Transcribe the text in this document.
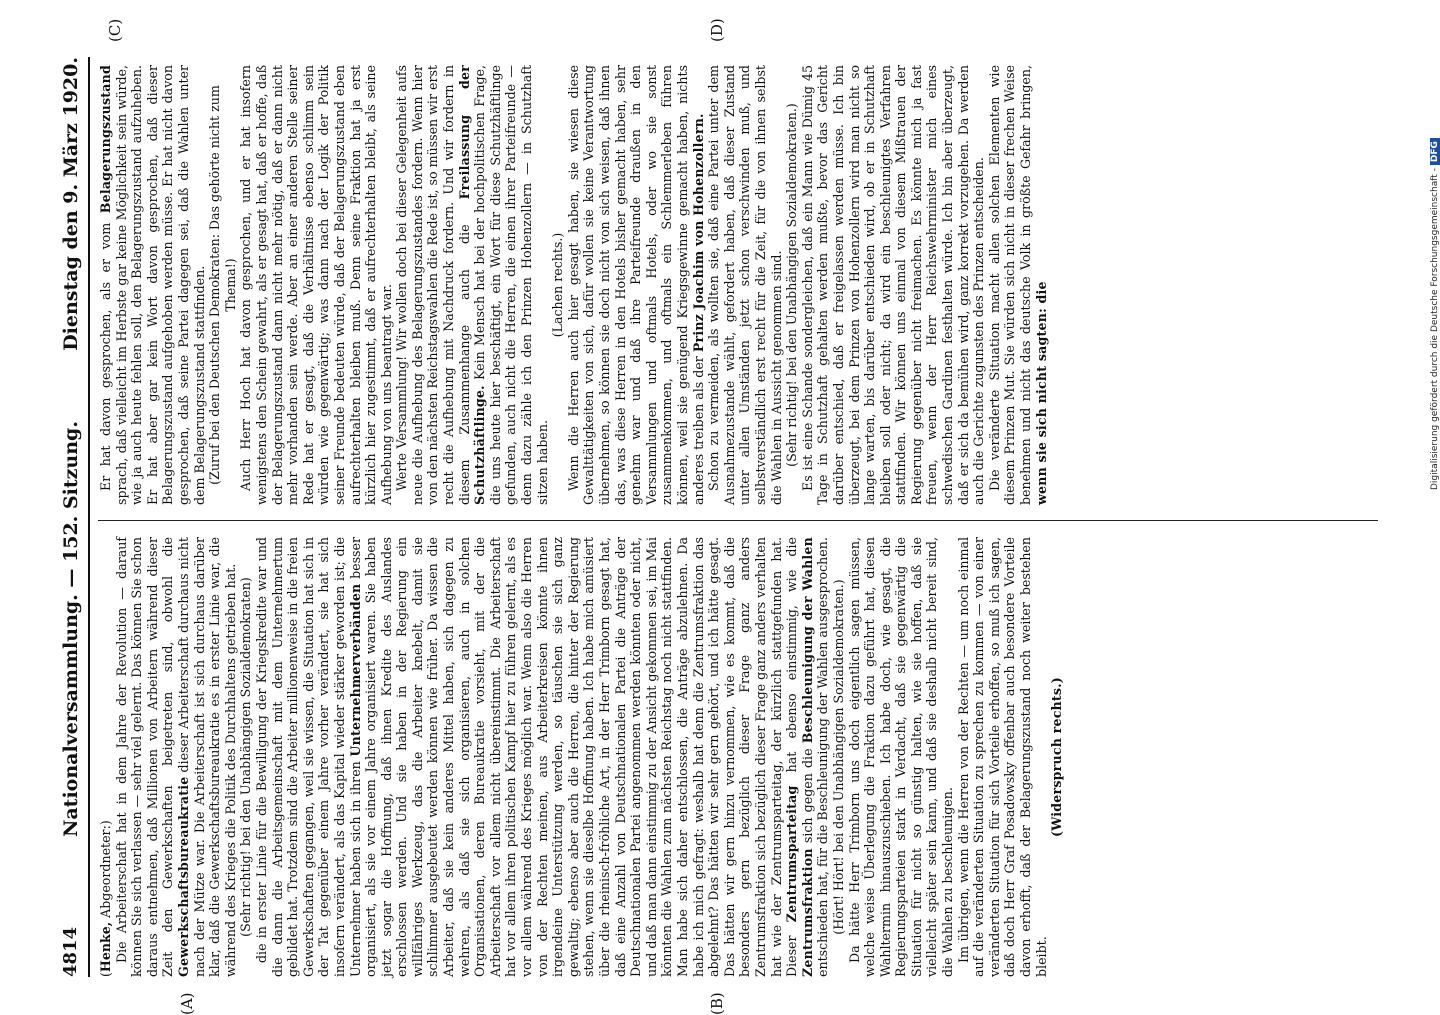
4814
Nationalversammlung. — 152. Sitzung.
Dienstag den 9. März 1920.
(A)	(B)
(C)	(D)

(Henke, Abgeordneter:) Die Arbeiterschaft hat in dem Jahre der Revolution — darauf können Sie sich verlassen — sehr viel gelernt. Das können Sie schon daraus entnehmen, daß Millionen von Arbeitern während dieser Zeit den Gewerkschaften beigetreten sind, obwohl die Gewerkschaftsbureaukratie dieser Arbeiterschaft durchaus nicht nach der Mütze war. Die Arbeiterschaft ist sich durchaus darüber klar, daß die Gewerkschaftsbureaukratie es in erster Linie war, die während des Krieges die Politik des Durchhaltens getrieben hat. (Sehr richtig! bei den Unabhängigen Sozialdemokraten) die in erster Linie für die Bewilligung der Kriegskredite war und die dann die Arbeitsgemeinschaft mit dem Unternehmertum gebildet hat. Trotzdem sind die Arbeiter millionenweise in die freien Gewerkschaften gegangen, weil sie wissen, die Situation hat sich in der Tat gegenüber einem Jahre vorher verändert, sie hat sich insofern verändert, als das Kapital wieder stärker geworden ist; die Unternehmer haben sich in ihren Unternehmerverbänden besser organisiert, als sie vor einem Jahre organisiert waren. Sie haben jetzt sogar die Hoffnung, daß ihnen Kredite des Auslandes erschlossen werden. Und sie haben in der Regierung ein willfähriges Werkzeug, das die Arbeiter knebelt, damit sie schlimmer ausgebeutet werden können wie früher. Da wissen die Arbeiter, daß sie kein anderes Mittel haben, sich dagegen zu wehren, als daß sie sich organisieren, auch in solchen Organisationen, deren Bureaukratie vorsieht, mit der die Arbeiterschaft vor allem nicht übereinstimmt. Die Arbeiterschaft hat vor allem ihren politischen Kampf hier zu führen gelernt, als es vor allem während des Krieges möglich war. Wenn also die Herren von der Rechten meinen, aus Arbeiterkreisen könnte ihnen irgendeine Unterstützung werden, so täuschen sie sich ganz gewaltig; ebenso aber auch die Herren, die hinter der Regierung stehen, wenn sie dieselbe Hoffnung haben. Ich habe mich amüsiert über die rheinisch-fröhliche Art, in der Herr Trimborn gesagt hat, daß eine Anzahl von Deutschnationalen Partei die Anträge der Deutschnationalen Partei angenommen werden könnten oder nicht, und daß man dann einstimmig zu der Ansicht gekommen sei, im Mai könnten die Wahlen zum nächsten Reichstag noch nicht stattfinden. Man habe sich daher entschlossen, die Anträge abzulehnen. Da habe ich mich gefragt: weshalb hat denn die Zentrumsfraktion das abgelehnt? Das hätten wir sehr gern gehört, und ich hätte gesagt. Das hätten wir gern hinzu vernommen, wie es kommt, daß die besonders gern bezüglich dieser Frage ganz anders Zentrumsfraktion sich bezüglich dieser Frage ganz anders verhalten hat wie der Zentrumsparteitag, der kürzlich stattgefunden hat. Dieser Zentrumsparteitag hat ebenso einstimmig, wie die Zentrumsfraktion sich gegen die Beschleunigung der Wahlen entschieden hat, für die Beschleunigung der Wahlen ausgesprochen. (Hört! Hört! bei den Unabhängigen Sozialdemokraten.) Da hätte Herr Trimborn uns doch eigentlich sagen müssen, welche weise Überlegung die Fraktion dazu geführt hat, diesen Wahltermin hinauszuschieben. Ich habe doch, wie gesagt, die Regierungsparteien stark in Verdacht, daß sie gegenwärtig die Situation für nicht so günstig halten, wie sie hoffen, daß sie vielleicht später sein kann, und daß sie deshalb nicht bereit sind, die Wahlen zu beschleunigen. Im übrigen, wenn die Herren von der Rechten — um noch einmal auf die veränderten Situation zu sprechen zu kommen — von einer veränderten Situation für sich Vorteile erhoffen, so muß ich sagen, daß doch Herr Graf Posadowsky offenbar auch besondere Vorteile davon erhofft, daß der Belagerungszustand noch weiter bestehen bleibt.

(Widerspruch rechts.)

Er hat davon gesprochen, als er vom Belagerungszustand sprach, daß vielleicht im Herbste gar keine Möglichkeit sein würde, wie ja auch heute fehlen soll, den Belagerungszustand aufzuheben. Er hat aber gar kein Wort davon gesprochen, daß dieser Belagerungszustand aufgehoben werden müsse. Er hat nicht davon gesprochen, daß seine Partei dagegen sei, daß die Wahlen unter dem Belagerungszustand stattfinden. (Zuruf bei den Deutschen Demokraten: Das gehörte nicht zum Thema!) Auch Herr Hoch hat davon gesprochen, und er hat insofern wenigstens den Schein gewahrt, als er gesagt hat, daß er hoffe, daß der Belagerungszustand dann nicht mehr nötig, daß er dann nicht mehr vorhanden sein werde. Aber an einer anderen Stelle seiner Rede hat er gesagt, daß die Verhältnisse ebenso schlimm sein würden wie gegenwärtig; was dann nach der Logik der Politik seiner Freunde bedeuten würde, daß der Belagerungszustand eben aufrechterhalten bleiben muß. Denn seine Fraktion hat ja erst kürzlich hier zugestimmt, daß er aufrechterhalten bleibt, als seine Aufhebung von uns beantragt war. Werte Versammlung! Wir wollen doch bei dieser Gelegenheit aufs neue die Aufhebung des Belagerungszustandes fordern. Wenn hier von den nächsten Reichstagswahlen die Rede ist, so müssen wir erst recht die Aufhebung mit Nachdruck fordern. Und wir fordern in diesem Zusammenhange auch die Freilassung der Schutzhäftlinge. Kein Mensch hat bei der hochpolitischen Frage, die uns heute hier beschäftigt, ein Wort für diese Schutzhäftlinge gefunden, auch nicht die Herren, die einen ihrer Parteifreunde — denn dazu zähle ich den Prinzen Hohenzollern — in Schutzhaft sitzen haben.

(Lachen rechts.) Wenn die Herren auch hier gesagt haben, sie wiesen diese Gewalttätigkeiten von sich, dafür wollen sie keine Verantwortung übernehmen, so können sie doch nicht von sich weisen, daß ihnen das, was diese Herren in den Hotels bisher gemacht haben, sehr genehm war und daß ihre Parteifreunde draußen in den Versammlungen und oftmals Hotels, oder wo sie sonst zusammenkommen, und oftmals ein Schlemmerleben führen können, weil sie genügend Kriegsgewinne gemacht haben, nichts anderes treiben als der Prinz Joachim von Hohenzollern. Schon zu vermeiden, als wollten sie, daß eine Partei unter dem Ausnahmezustande wählt, gefordert haben, daß dieser Zustand unter allen Umständen jetzt schon verschwinden muß, und selbstverständlich erst recht für die Zeit, für die von ihnen selbst die Wahlen in Aussicht genommen sind. (Sehr richtig! bei den Unabhängigen Sozialdemokraten.) Es ist eine Schande sondergleichen, daß ein Mann wie Dümig 45 Tage in Schutzhaft gehalten werden mußte, bevor das Gericht darüber entschied, daß er freigelassen werden müsse. Ich bin überzeugt, bei dem Prinzen von Hohenzollern wird man nicht so lange warten, bis darüber entschieden wird, ob er in Schutzhaft bleiben soll oder nicht; da wird ein beschleunigtes Verfahren stattfinden. Wir können uns einmal von diesem Mißtrauen der Regierung gegenüber nicht freimachen. Es könnte mich ja fast freuen, wenn der Herr Reichswehrminister mich eines schwedischen Gardinen festhalten würde. Ich bin aber überzeugt, daß er sich da bemühen wird, ganz korrekt vorzugehen. Da werden auch die Gerichte zugunsten des Prinzen entscheiden. Die veränderte Situation macht allen solchen Elementen wie diesem Prinzen Mut. Sie würden sich nicht in dieser frechen Weise benehmen und nicht das deutsche Volk in größte Gefahr bringen, wenn sie sich nicht sagten: die	Digitalisierung gefördert durch die Deutsche Forschungsgemeinschaft -DFG
